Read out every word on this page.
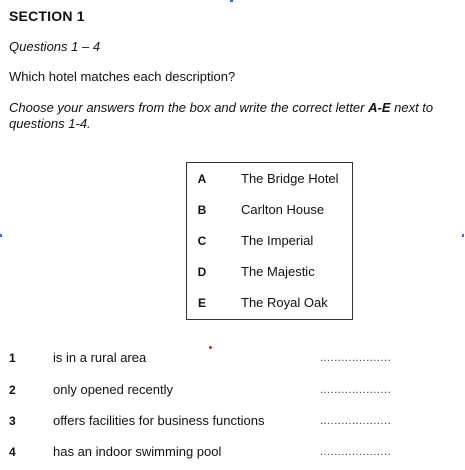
SECTION 1
Questions 1 – 4
Which hotel matches each description?
Choose your answers from the box and write the correct letter A-E next to questions 1-4.
A	The Bridge Hotel
B	Carlton House
C	The Imperial
D	The Majestic
E	The Royal Oak
1	is in a rural area	....................
2	only opened recently	....................
3	offers facilities for business functions	....................
4	has an indoor swimming pool	....................
